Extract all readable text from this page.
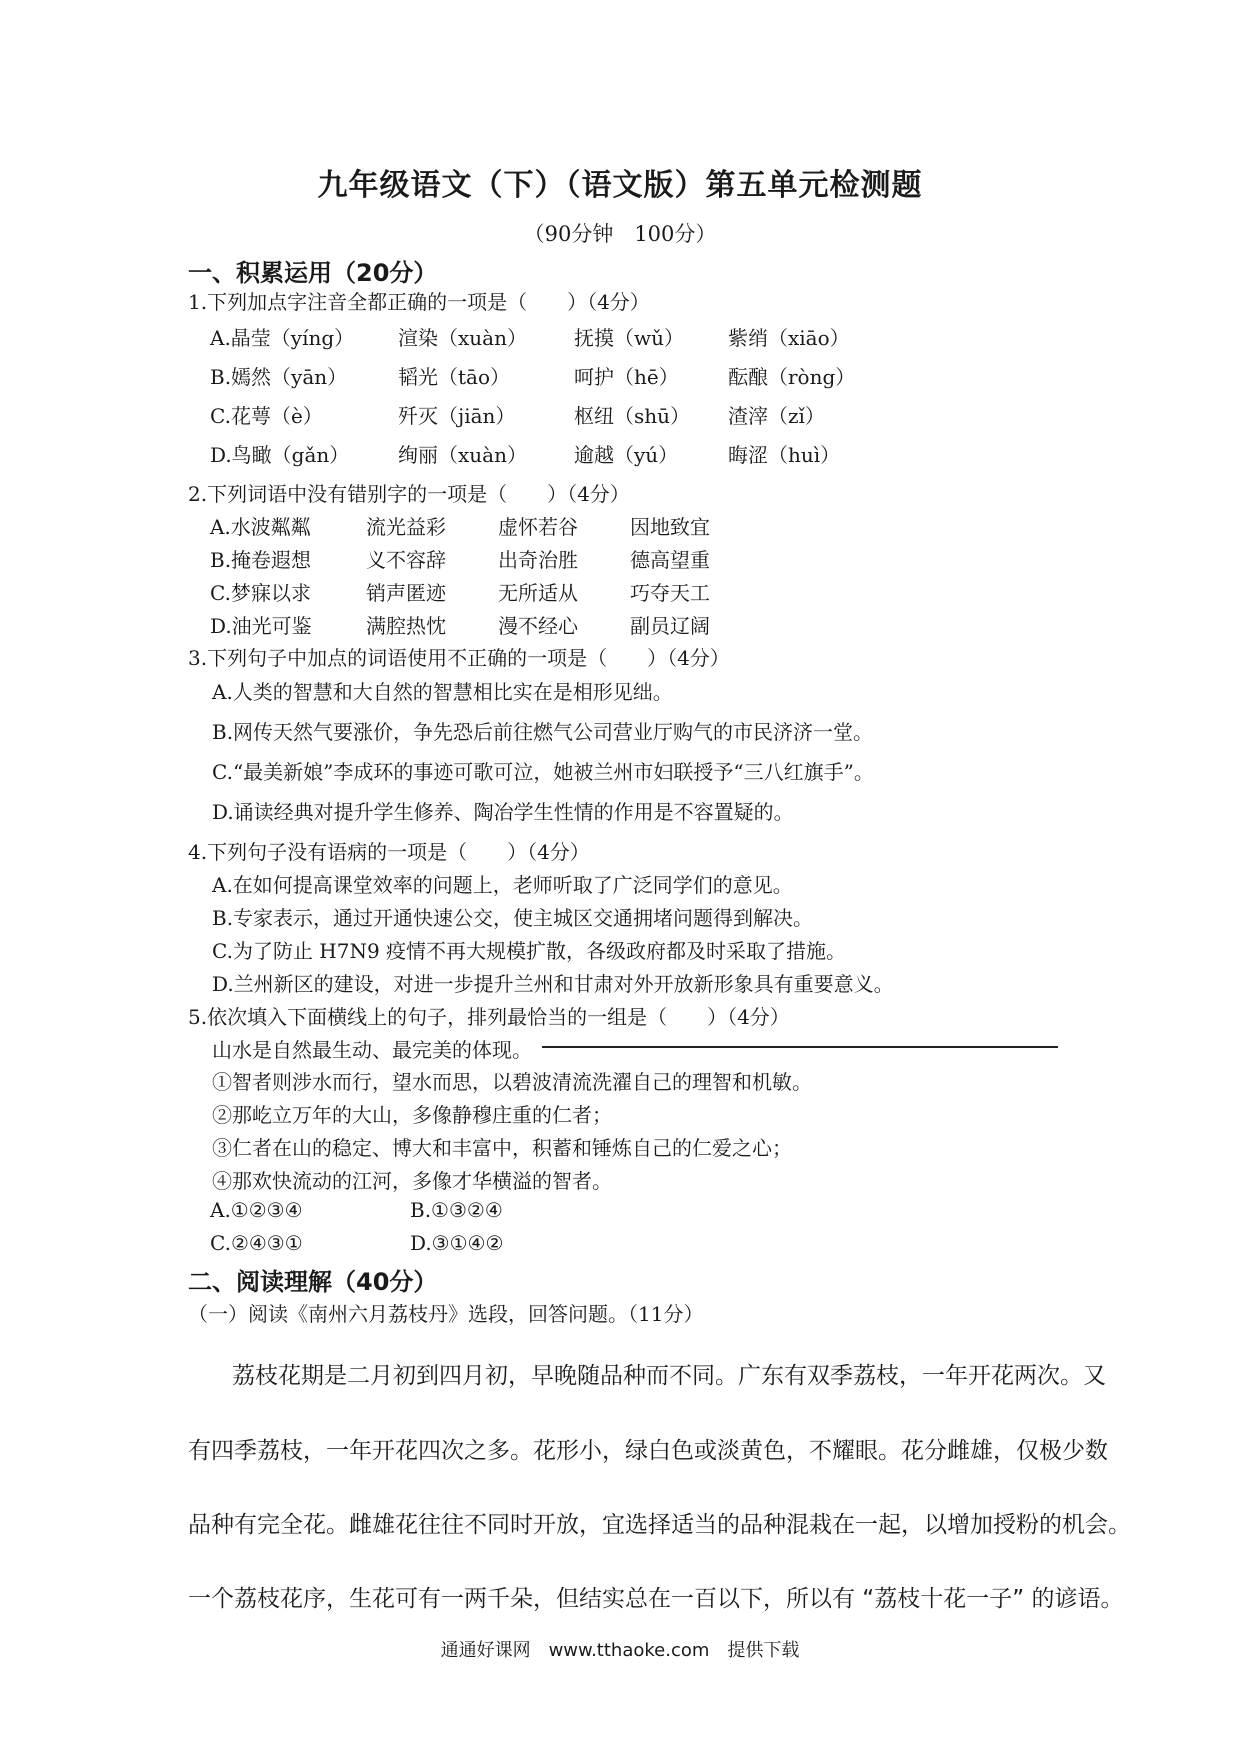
九年级语文（下）（语文版）第五单元检测题
（90分钟　100分）
一、积累运用（20分）
1.下列加点字注音全都正确的一项是（　　）（4分）
A.晶莹（yíng） 渲染（xuàn） 抚摸（wǔ） 紫绡（xiāo）
B.嫣然（yān）	韬光（tāo）	呵护（hē） 酝酿（ròng）
C.花萼（è）	歼灭（jiān）	枢纽（shū） 渣滓（zǐ）
D.鸟瞰（gǎn） 绚丽（xuàn） 逾越（yú） 晦涩（huì）
2.下列词语中没有错别字的一项是（　　）（4分）
A.水波粼粼	流光益彩	虚怀若谷	因地致宜
B.掩卷遐想	义不容辞	出奇治胜	德高望重
C.梦寐以求	销声匿迹	无所适从	巧夺天工
D.油光可鉴	满腔热忱	漫不经心	副员辽阔
3.下列句子中加点的词语使用不正确的一项是（　　）（4分）
A.人类的智慧和大自然的智慧相比实在是相形见绌。
B.网传天然气要涨价，争先恐后前往燃气公司营业厅购气的市民济济一堂。
C.“最美新娘”李成环的事迹可歌可泣，她被兰州市妇联授予“三八红旗手”。
D.诵读经典对提升学生修养、陶冶学生性情的作用是不容置疑的。
4.下列句子没有语病的一项是（　　）（4分）
A.在如何提高课堂效率的问题上，老师听取了广泛同学们的意见。
B.专家表示，通过开通快速公交，使主城区交通拥堵问题得到解决。
C.为了防止 H7N9 疫情不再大规模扩散，各级政府都及时采取了措施。
D.兰州新区的建设，对进一步提升兰州和甘肃对外开放新形象具有重要意义。
5.依次填入下面横线上的句子，排列最恰当的一组是（　　）（4分）
山水是自然最生动、最完美的体现。
①智者则涉水而行，望水而思，以碧波清流洗濯自己的理智和机敏。
②那屹立万年的大山，多像静穆庄重的仁者；
③仁者在山的稳定、博大和丰富中，积蓄和锤炼自己的仁爱之心；
④那欢快流动的江河，多像才华横溢的智者。
A.①②③④	B.①③②④
C.②④③①	D.③①④②
二、阅读理解（40分）
（一）阅读《南州六月荔枝丹》选段，回答问题。（11分）
荔枝花期是二月初到四月初，早晚随品种而不同。广东有双季荔枝，一年开花两次。又
有四季荔枝，一年开花四次之多。花形小，绿白色或淡黄色，不耀眼。花分雌雄，仅极少数
品种有完全花。雌雄花往往不同时开放，宜选择适当的品种混栽在一起，以增加授粉的机会。
一个荔枝花序，生花可有一两千朵，但结实总在一百以下，所以有 “荔枝十花一子” 的谚语。
通通好课网　www.tthaoke.com　提供下载
